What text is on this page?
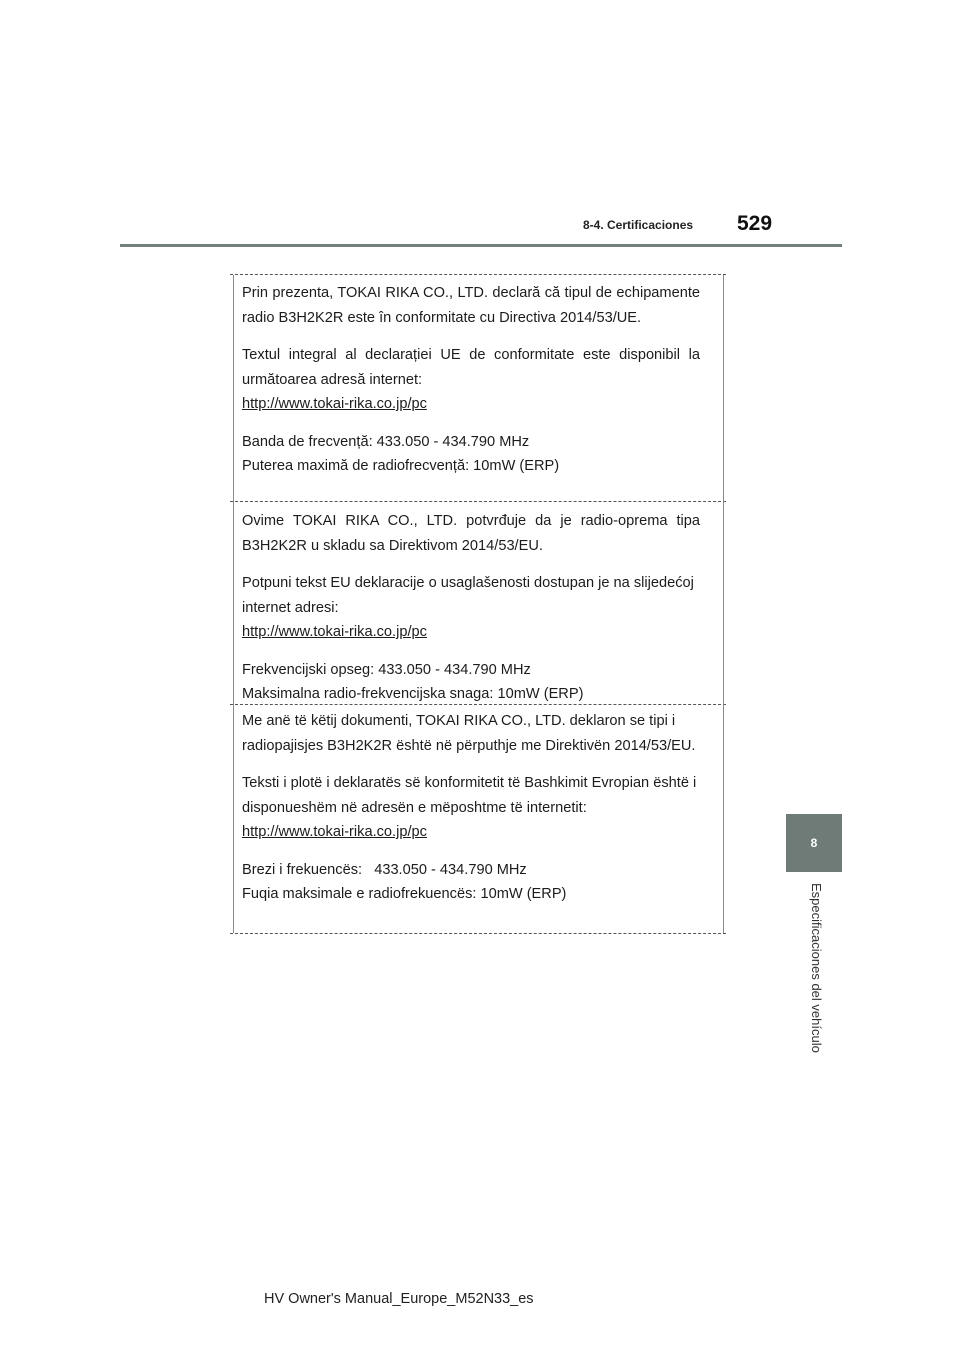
8-4. Certificaciones 529
8
Especificaciones del vehículo

Prin prezenta, TOKAI RIKA CO., LTD. declară că tipul de echipamente radio B3H2K2R este în conformitate cu Directiva 2014/53/UE.

Textul integral al declarației UE de conformitate este disponibil la următoarea adresă internet:
http://www.tokai-rika.co.jp/pc

Banda de frecvență: 433.050 - 434.790 MHz
Puterea maximă de radiofrecvență: 10mW (ERP)

Ovime TOKAI RIKA CO., LTD. potvrđuje da je radio-oprema tipa B3H2K2R u skladu sa Direktivom 2014/53/EU.

Potpuni tekst EU deklaracije o usaglašenosti dostupan je na slijedećoj internet adresi:
http://www.tokai-rika.co.jp/pc

Frekvencijski opseg: 433.050 - 434.790 MHz
Maksimalna radio-frekvencijska snaga: 10mW (ERP)

Me anë të këtij dokumenti, TOKAI RIKA CO., LTD. deklaron se tipi i radiopajisjes B3H2K2R është në përputhje me Direktivën 2014/53/EU.

Teksti i plotë i deklaratës së konformitetit të Bashkimit Evropian është i disponueshëm në adresën e mëposhtme të internetit:
http://www.tokai-rika.co.jp/pc

Brezi i frekuencës:   433.050 - 434.790 MHz
Fuqia maksimale e radiofrekuencës: 10mW (ERP)

HV Owner's Manual_Europe_M52N33_es
